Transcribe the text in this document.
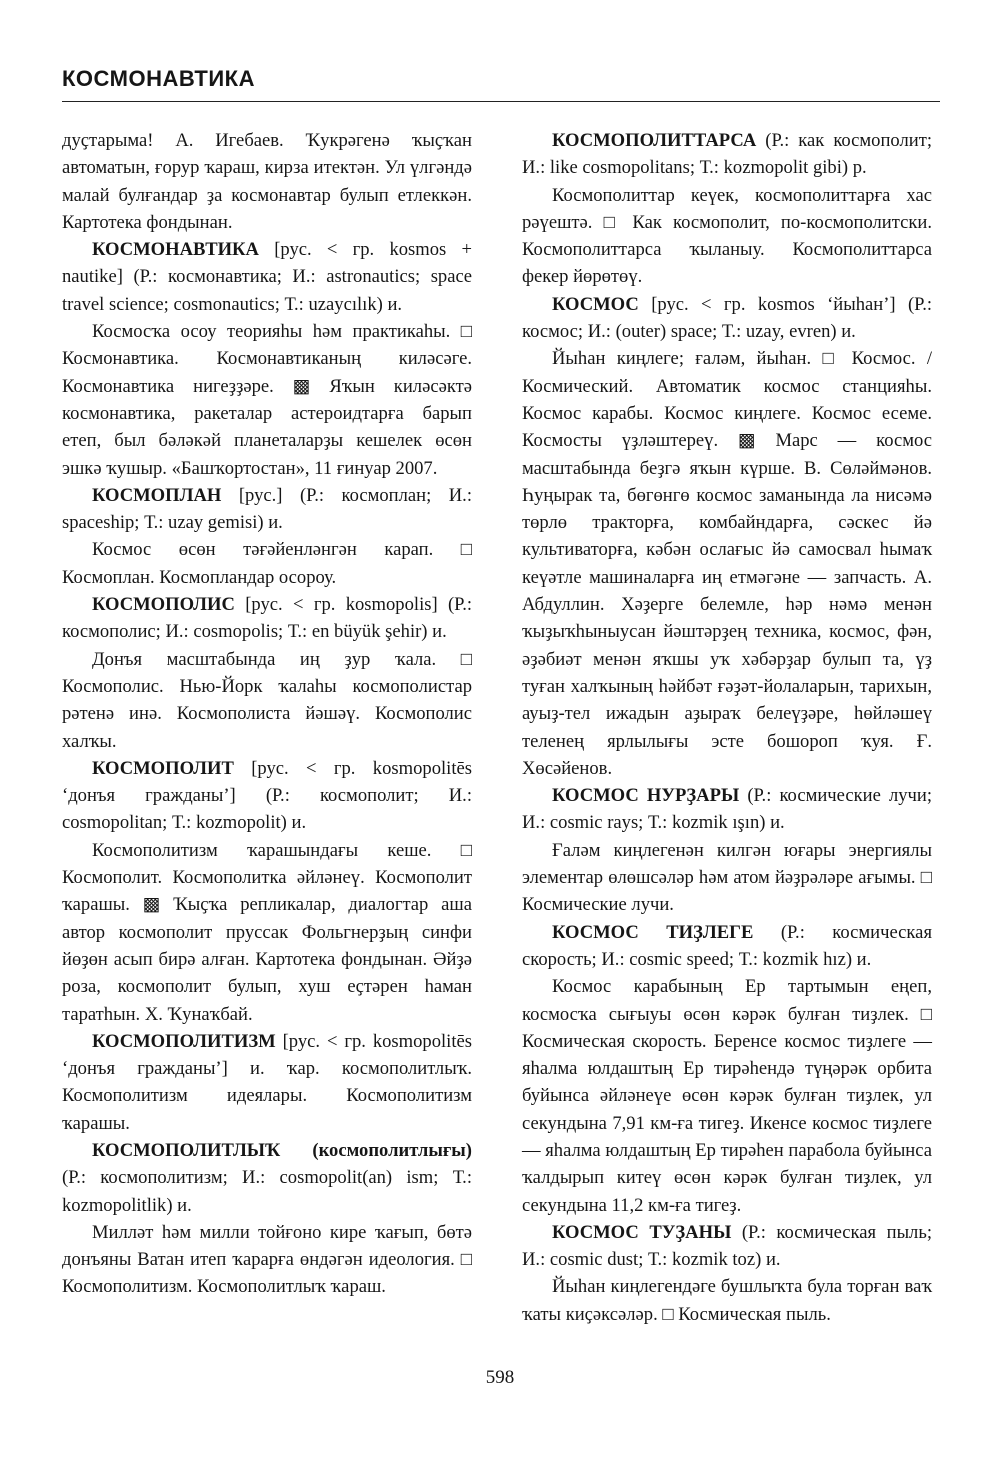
КОСМОНАВТИКА

дуҫтарыма! А. Игебаев. Ҡукрәгенә ҡыҫҡан автоматын, ғорур ҡараш, кирза итектән. Ул үлгәндә малай булғандар ҙа космонавтар булып етлеккән. Картотека фондынан.

КОСМОНАВТИКА [рус. < гр. kosmos + nautike] (Р.: космонавтика; И.: astronautics; space travel science; cosmonautics; Т.: uzaycılık) и.

Космосҡа осоу теорияһы һәм практикаһы. □ Космонавтика. Космонавтиканың киләсәге. Космонавтика нигеҙҙәре. ▩ Яҡын киләсәктә космонавтика, ракеталар астероидтарға барып етеп, был бәләкәй планеталарҙы кешелек өсөн эшкә ҡушыр. «Башҡортостан», 11 ғинуар 2007.

КОСМОПЛАН [рус.] (Р.: космоплан; И.: spaceship; Т.: uzay gemisi) и.

Космос өсөн тәғәйенләнгән карап. □ Космоплан. Космопландар осороу.

КОСМОПОЛИС [рус. < гр. kosmopolis] (Р.: космополис; И.: cosmopolis; Т.: en büyük şehir) и.

Донъя масштабында иң ҙур ҡала. □ Космополис. Нью-Йорк ҡалаһы космополистар рәтенә инә. Космополиста йәшәү. Космополис халҡы.

КОСМОПОЛИТ [рус. < гр. kosmopolitēs ‘донъя гражданы’] (Р.: космополит; И.: cosmopolitan; Т.: kozmopolit) и.

Космополитизм ҡарашындағы кеше. □ Космополит. Космополитка әйләнеү. Космополит ҡарашы. ▩ Ҡыҫҡа репликалар, диалогтар аша автор космополит пруссак Фольгнерҙың синфи йөҙөн асып бирә алған. Картотека фондынан. Әйҙә роза, космополит булып, хуш еҫтәрен һаман таратһын. Х. Ҡунаҡбай.

КОСМОПОЛИТИЗМ [рус. < гр. kosmopolitēs ‘донъя гражданы’] и. ҡар. космополитлыҡ. Космополитизм идеялары. Космополитизм ҡарашы.

КОСМОПОЛИТЛЫҠ (космополитлығы) (Р.: космополитизм; И.: cosmopolit(an) ism; Т.: kozmopolitlik) и.

Милләт һәм милли тойғоно кире ҡағып, бөтә донъяны Ватан итеп ҡарарға өндәгән идеология. □ Космополитизм. Космополитлыҡ ҡараш.

КОСМОПОЛИТТАРСА (Р.: как космополит; И.: like cosmopolitans; Т.: kozmopolit gibi) р.

Космополиттар кеүек, космополиттарға хас рәүештә. □ Как космополит, по-космополитски. Космополиттарса ҡыланыу. Космополиттарса фекер йөрөтөү.

КОСМОС [рус. < гр. kosmos ‘йыһан’] (Р.: космос; И.: (outer) space; Т.: uzay, evren) и.

Йыһан киңлеге; ғаләм, йыһан. □ Космос. / Космический. Автоматик космос станцияһы. Космос карабы. Космос киңлеге. Космос есеме. Космосты үҙләштереү. ▩ Марс — космос масштабында беҙгә яҡын күрше. В. Сөләймәнов. Һуңырак та, бөгөнгө космос заманында ла нисәмә төрлө тракторға, комбайндарға, сәскес йә культиваторға, кәбән ослағыс йә самосвал һымаҡ кеүәтле машиналарға иң етмәгәне — запчасть. А. Абдуллин. Хәҙерге белемле, һәр нәмә менән ҡыҙыҡһыныусан йәштәрҙең техника, космос, фән, әҙәбиәт менән яҡшы уҡ хәбәрҙар булып та, үҙ туған халҡының һәйбәт ғәҙәт-йолаларын, тарихын, ауыҙ-тел ижадын аҙыраҡ белеүҙәре, һөйләшеү теленең ярлылығы эсте бошороп ҡуя. Ғ. Хөсәйенов.

КОСМОС НУРҘАРЫ (Р.: космические лучи; И.: cosmic rays; Т.: kozmik ışın) и.

Ғаләм киңлегенән килгән юғары энергиялы элементар өлөшсәләр һәм атом йәҙрәләре ағымы. □ Космические лучи.

КОСМОС ТИҘЛЕГЕ (Р.: космическая скорость; И.: cosmic speed; Т.: kozmik hız) и.

Космос карабының Ер тартымын еңеп, космосҡа сығыуы өсөн кәрәк булған тиҙлек. □ Космическая скорость. Беренсе космос тиҙлеге — яһалма юлдаштың Ер тирәһендә түңәрәк орбита буйынса әйләнеүе өсөн кәрәк булған тиҙлек, ул секундына 7,91 км-ға тигеҙ. Икенсе космос тиҙлеге — яһалма юлдаштың Ер тирәһен парабола буйынса ҡалдырып китеү өсөн кәрәк булған тиҙлек, ул секундына 11,2 км-ға тигеҙ.

КОСМОС ТУҘАНЫ (Р.: космическая пыль; И.: cosmic dust; Т.: kozmik toz) и.

Йыһан киңлегендәге бушлыҡта була торған ваҡ ҡаты киҫәксәләр. □ Космическая пыль.

598
